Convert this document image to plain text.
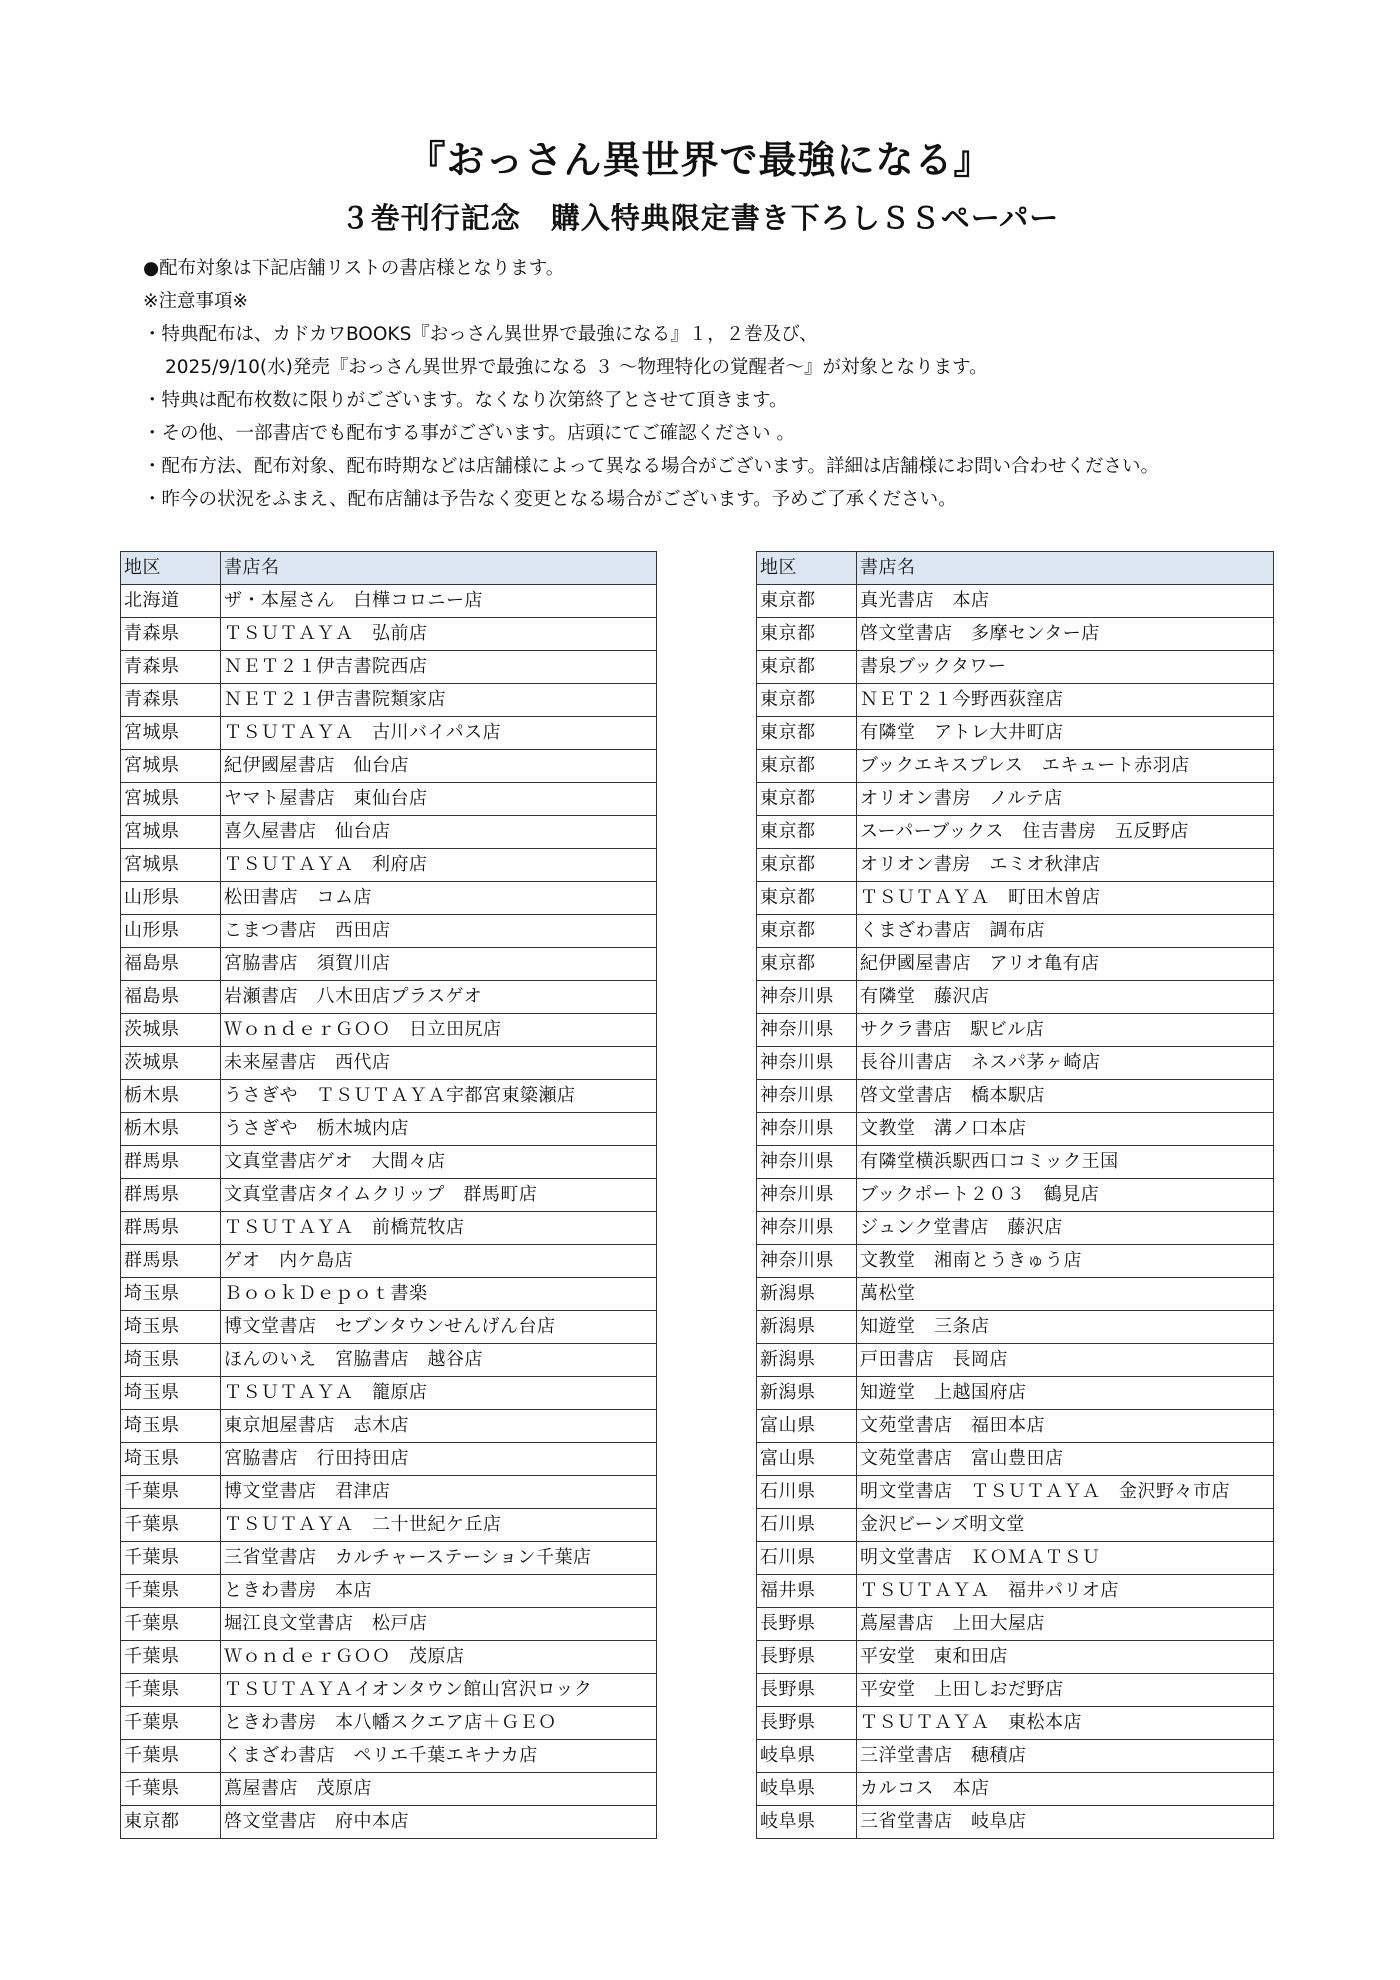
『おっさん異世界で最強になる』
３巻刊行記念　購入特典限定書き下ろしＳＳペーパー
●配布対象は下記店舗リストの書店様となります。
※注意事項※
・特典配布は、カドカワBOOKS『おっさん異世界で最強になる』１，２巻及び、
2025/9/10(水)発売『おっさん異世界で最強になる ３ 〜物理特化の覚醒者〜』が対象となります。
・特典は配布枚数に限りがございます。なくなり次第終了とさせて頂きます。
・その他、一部書店でも配布する事がございます。店頭にてご確認ください 。
・配布方法、配布対象、配布時期などは店舗様によって異なる場合がございます。詳細は店舗様にお問い合わせください。
・昨今の状況をふまえ、配布店舗は予告なく変更となる場合がございます。予めご了承ください。
地区	書店名
北海道	ザ・本屋さん　白樺コロニー店
青森県	ＴＳＵＴＡＹＡ　弘前店
青森県	ＮＥＴ２１伊吉書院西店
青森県	ＮＥＴ２１伊吉書院類家店
宮城県	ＴＳＵＴＡＹＡ　古川バイパス店
宮城県	紀伊國屋書店　仙台店
宮城県	ヤマト屋書店　東仙台店
宮城県	喜久屋書店　仙台店
宮城県	ＴＳＵＴＡＹＡ　利府店
山形県	松田書店　コム店
山形県	こまつ書店　西田店
福島県	宮脇書店　須賀川店
福島県	岩瀬書店　八木田店プラスゲオ
茨城県	ＷｏｎｄｅｒＧＯＯ　日立田尻店
茨城県	未来屋書店　西代店
栃木県	うさぎや　ＴＳＵＴＡＹＡ宇都宮東簗瀬店
栃木県	うさぎや　栃木城内店
群馬県	文真堂書店ゲオ　大間々店
群馬県	文真堂書店タイムクリップ　群馬町店
群馬県	ＴＳＵＴＡＹＡ　前橋荒牧店
群馬県	ゲオ　内ケ島店
埼玉県	ＢｏｏｋＤｅｐｏｔ書楽
埼玉県	博文堂書店　セブンタウンせんげん台店
埼玉県	ほんのいえ　宮脇書店　越谷店
埼玉県	ＴＳＵＴＡＹＡ　籠原店
埼玉県	東京旭屋書店　志木店
埼玉県	宮脇書店　行田持田店
千葉県	博文堂書店　君津店
千葉県	ＴＳＵＴＡＹＡ　二十世紀ケ丘店
千葉県	三省堂書店　カルチャーステーション千葉店
千葉県	ときわ書房　本店
千葉県	堀江良文堂書店　松戸店
千葉県	ＷｏｎｄｅｒＧＯＯ　茂原店
千葉県	ＴＳＵＴＡＹＡイオンタウン館山宮沢ロック
千葉県	ときわ書房　本八幡スクエア店＋ＧＥＯ
千葉県	くまざわ書店　ペリエ千葉エキナカ店
千葉県	蔦屋書店　茂原店
東京都	啓文堂書店　府中本店
地区	書店名
東京都	真光書店　本店
東京都	啓文堂書店　多摩センター店
東京都	書泉ブックタワー
東京都	ＮＥＴ２１今野西荻窪店
東京都	有隣堂　アトレ大井町店
東京都	ブックエキスプレス　エキュート赤羽店
東京都	オリオン書房　ノルテ店
東京都	スーパーブックス　住吉書房　五反野店
東京都	オリオン書房　エミオ秋津店
東京都	ＴＳＵＴＡＹＡ　町田木曽店
東京都	くまざわ書店　調布店
東京都	紀伊國屋書店　アリオ亀有店
神奈川県	有隣堂　藤沢店
神奈川県	サクラ書店　駅ビル店
神奈川県	長谷川書店　ネスパ茅ヶ崎店
神奈川県	啓文堂書店　橋本駅店
神奈川県	文教堂　溝ノ口本店
神奈川県	有隣堂横浜駅西口コミック王国
神奈川県	ブックポート２０３　鶴見店
神奈川県	ジュンク堂書店　藤沢店
神奈川県	文教堂　湘南とうきゅう店
新潟県	萬松堂
新潟県	知遊堂　三条店
新潟県	戸田書店　長岡店
新潟県	知遊堂　上越国府店
富山県	文苑堂書店　福田本店
富山県	文苑堂書店　富山豊田店
石川県	明文堂書店　ＴＳＵＴＡＹＡ　金沢野々市店
石川県	金沢ビーンズ明文堂
石川県	明文堂書店　ＫＯＭＡＴＳＵ
福井県	ＴＳＵＴＡＹＡ　福井パリオ店
長野県	蔦屋書店　上田大屋店
長野県	平安堂　東和田店
長野県	平安堂　上田しおだ野店
長野県	ＴＳＵＴＡＹＡ　東松本店
岐阜県	三洋堂書店　穂積店
岐阜県	カルコス　本店
岐阜県	三省堂書店　岐阜店
